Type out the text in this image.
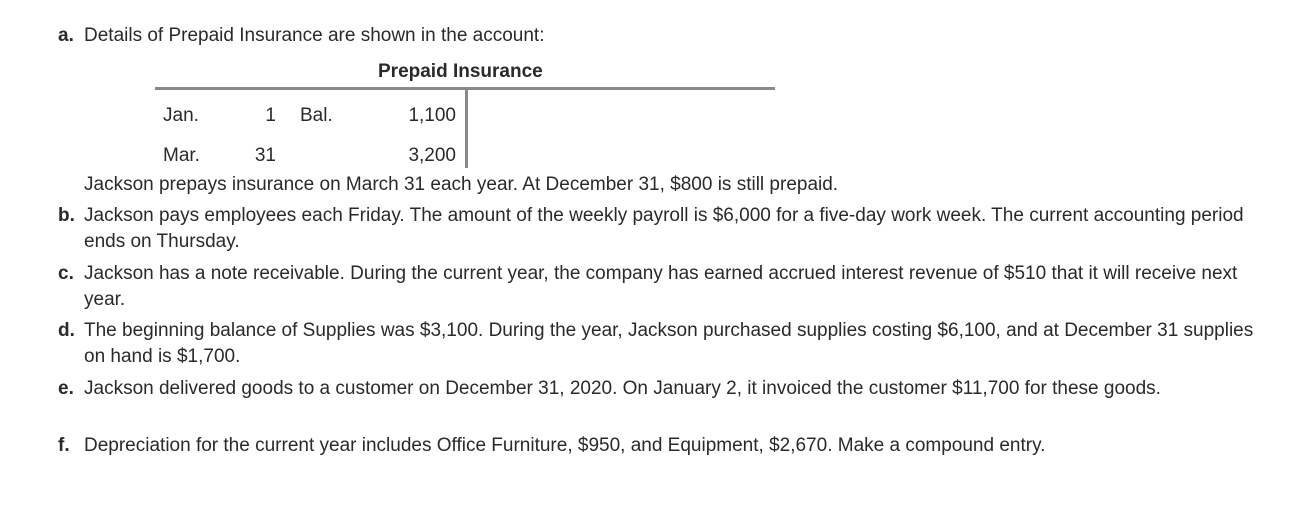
a. Details of Prepaid Insurance are shown in the account:
Prepaid Insurance
Jan.	1 Bal.	1,100
Mar.	31	3,200
Jackson prepays insurance on March 31 each year. At December 31, $800 is still prepaid.
b. Jackson pays employees each Friday. The amount of the weekly payroll is $6,000 for a five-day work week. The current accounting period ends on Thursday.
c. Jackson has a note receivable. During the current year, the company has earned accrued interest revenue of $510 that it will receive next year.
d. The beginning balance of Supplies was $3,100. During the year, Jackson purchased supplies costing $6,100, and at December 31 supplies on hand is $1,700.
e. Jackson delivered goods to a customer on December 31, 2020. On January 2, it invoiced the customer $11,700 for these goods.
f. Depreciation for the current year includes Office Furniture, $950, and Equipment, $2,670. Make a compound entry.
